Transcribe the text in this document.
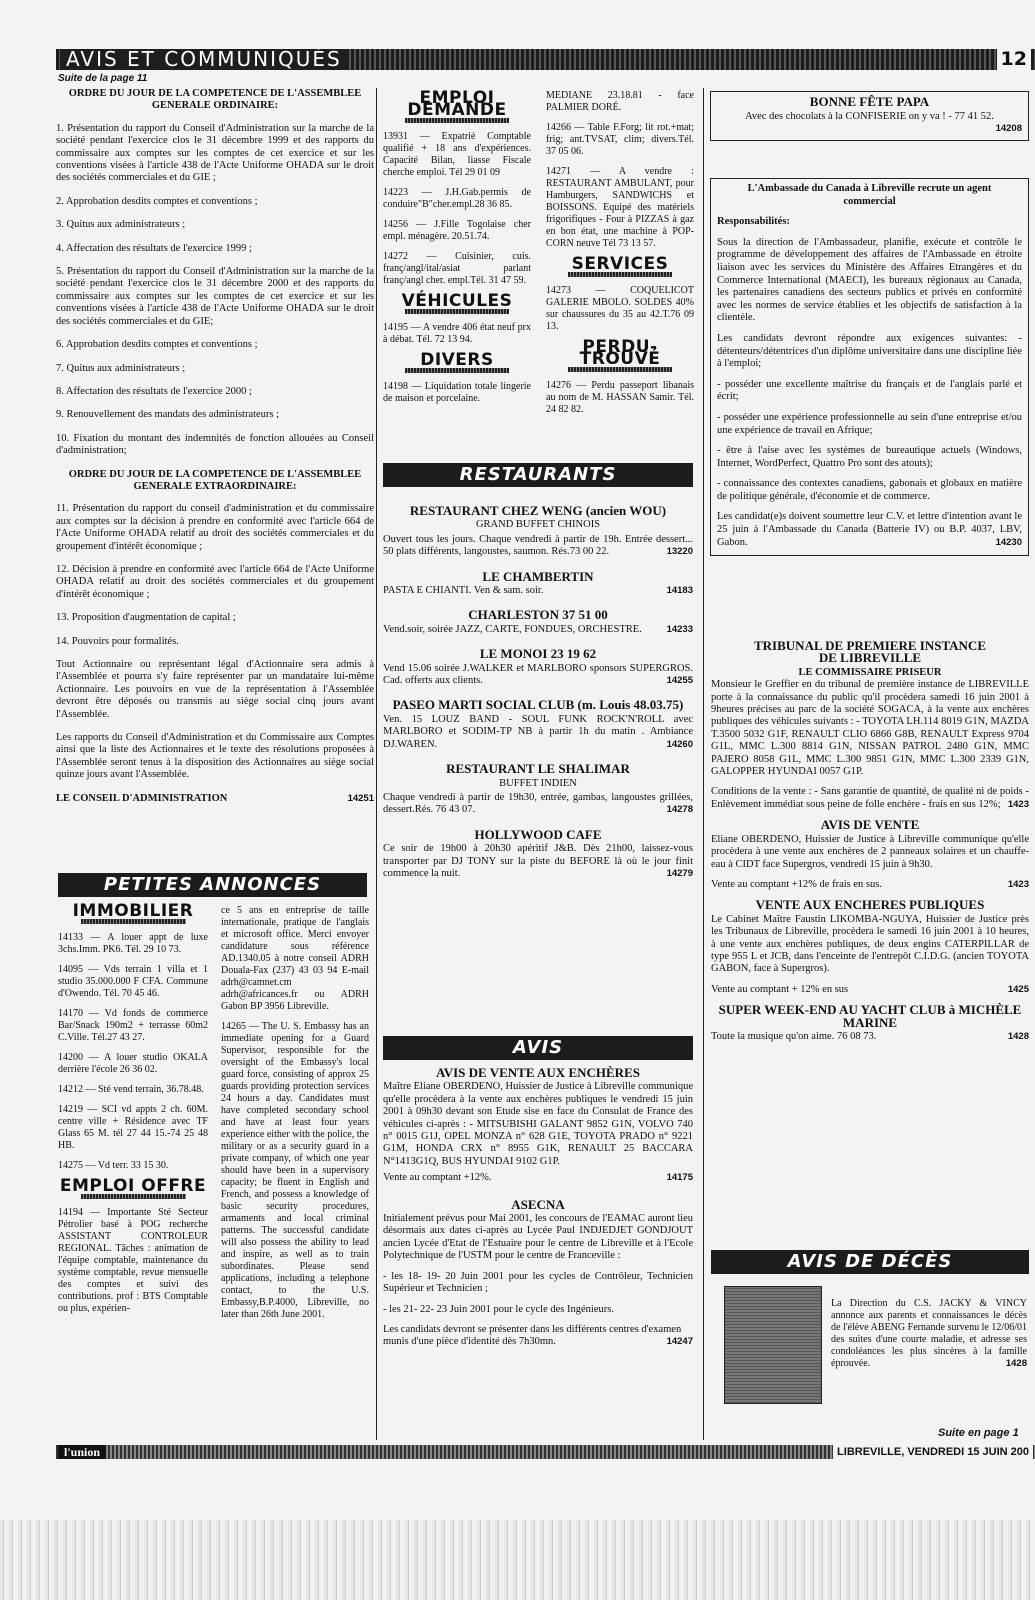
AVIS ET COMMUNIQUÉS	12
Suite de la page 11
ORDRE DU JOUR DE LA COMPETENCE DE L'ASSEMBLEE GENERALE ORDINAIRE:

1. Présentation du rapport du Conseil d'Administration sur la marche de la société pendant l'exercice clos le 31 décembre 1999 et des rapports du commissaire aux comptes sur les comptes de cet exercice et sur les conventions visées à l'article 438 de l'Acte Uniforme OHADA sur le droit des sociétés commerciales et du GIE ;

2. Approbation desdits comptes et conventions ;

3. Quitus aux administrateurs ;

4. Affectation des résultats de l'exercice 1999 ;

5. Présentation du rapport du Conseil d'Administration sur la marche de la société pendant l'exercice clos le 31 décembre 2000 et des rapports du commissaire aux comptes sur les comptes de cet exercice et sur les conventions visées à l'article 438 de l'Acte Uniforme OHADA sur le droit des sociétés commerciales et du GIE;

6. Approbation desdits comptes et conventions ;

7. Quitus aux administrateurs ;

8. Affectation des résultats de l'exercice 2000 ;

9. Renouvellement des mandats des administrateurs ;

10. Fixation du montant des indemnités de fonction allouées au Conseil d'administration;

ORDRE DU JOUR DE LA COMPETENCE DE L'ASSEMBLEE GENERALE EXTRAORDINAIRE:

11. Présentation du rapport du conseil d'administration et du commissaire aux comptes sur la décision à prendre en conformité avec l'article 664 de l'Acte Uniforme OHADA relatif au droit des sociétés commerciales et du groupement d'intérêt économique ;

12. Décision à prendre en conformité avec l'article 664 de l'Acte Uniforme OHADA relatif au droit des sociétés commerciales et du groupement d'intérêt économique ;

13. Proposition d'augmentation de capital ;

14. Pouvoirs pour formalités.

Tout Actionnaire ou représentant légal d'Actionnaire sera admis à l'Assemblée et pourra s'y faire représenter par un mandataire lui-même Actionnaire. Les pouvoirs en vue de la représentation à l'Assemblée devront être déposés ou transmis au siège social cinq jours avant l'Assemblée.

Les rapports du Conseil d'Administration et du Commissaire aux Comptes ainsi que la liste des Actionnaires et le texte des résolutions proposées à l'Assemblée seront tenus à la disposition des Actionnaires au siège social quinze jours avant l'Assemblée.

LE CONSEIL D'ADMINISTRATION	14251
PETITES ANNONCES
IMMOBILIER

14133 — A louer appt de luxe 3chs.Imm. PK6. Tél. 29 10 73.

14095 — Vds terrain 1 villa et 1 studio 35.000.000 F CFA. Commune d'Owendo. Tél. 70 45 46.

14170 — Vd fonds de commerce Bar/Snack 190m2 + terrasse 60m2 C.Ville. Tél.27 43 27.

14200 — A louer studio OKALA derrière l'école 26 36 02.

14212 — Sté vend terrain, 36.78.48.

14219 — SCI vd appts 2 ch. 60M. centre ville + Résidence avec TF Glass 65 M. tél 27 44 15.-74 25 48 HB.

14275 — Vd terr. 33 15 30.

EMPLOI OFFRE

14194 — Importante Sté Secteur Pétrolier basé à POG recherche ASSISTANT CONTROLEUR REGIONAL. Tâches : animation de l'équipe comptable, maintenance du système comptable, revue mensuelle des comptes et suivi des contributions. prof : BTS Comptable ou plus, expérien-

ce 5 ans en entreprise de taille internationale, pratique de l'anglais et microsoft office. Merci envoyer candidature sous référence AD.1340.05 à notre conseil ADRH Douala-Fax (237) 43 03 94 E-mail adrh@camnet.cm adrh@africances.fr ou ADRH Gabon BP 3956 Libreville.

14265 — The U. S. Embassy has an immediate opening for a Guard Supervisor, responsible for the oversight of the Embassy's local guard force, consisting of approx 25 guards providing protection services 24 hours a day. Candidates must have completed secondary school and have at least four years experience either with the police, the military or as a security guard in a private company, of which one year should have been in a supervisory capacity; be fluent in English and French, and possess a knowledge of basic security procedures, armaments and local criminal patterns. The successful candidate will also possess the ability to lead and inspire, as well as to train subordinates. Please send applications, including a telephone contact, to the U.S. Embassy,B.P.4000, Libreville, no later than 26th June 2001.

EMPLOI DEMANDE

13931 — Expatrié Comptable qualifié + 18 ans d'expériences. Capacité Bilan, liasse Fiscale cherche emploi. Tél 29 01 09

14223 — J.H.Gab.permis de conduire"B"cher.empl.28 36 85.

14256 — J.Fille Togolaise cher empl. ménagère. 20.51.74.

14272 — Cuisinier, cuis. franç/angl/ital/asiat parlant franç/angl cher. empl.Tél. 31 47 59.

VÉHICULES

14195 — A vendre 406 état neuf prx à débat. Tél. 72 13 94.

DIVERS

14198 — Liquidation totale lingerie de maison et porcelaine.

MEDIANE 23.18.81 - face PALMIER DORÉ.

14266 — Table F.Forg; lit rot.+mat; frig; ant.TVSAT, clim; divers.Tél. 37 05 06.

14271 — A vendre : RESTAURANT AMBULANT, pour Hamburgers, SANDWICHS et BOISSONS. Equipé des matériels frigorifiques - Four à PIZZAS à gaz en bon état, une machine à POP-CORN neuve Tél 73 13 57.

SERVICES

14273 — COQUELICOT GALERIE MBOLO. SOLDES 40% sur chaussures du 35 au 42.T.76 09 13.

PERDU-TROUVÉ

14276 — Perdu passeport libanais au nom de M. HASSAN Samir. Tél. 24 82 82.

RESTAURANTS
RESTAURANT CHEZ WENG (ancien WOU)
GRAND BUFFET CHINOIS
Ouvert tous les jours. Chaque vendredi à partir de 19h. Entrée dessert... 50 plats différents, langoustes, saumon. Rés.73 00 22.	13220
LE CHAMBERTIN
PASTA E CHIANTI. Ven & sam. soir.	14183
CHARLESTON 37 51 00
Vend.soir, soirée JAZZ, CARTE, FONDUES, ORCHESTRE.	14233
LE MONOI 23 19 62
Vend 15.06 soirée J.WALKER et MARLBORO sponsors SUPERGROS. Cad. offerts aux clients.	14255
PASEO MARTI SOCIAL CLUB (m. Louis 48.03.75)
Ven. 15 LOUZ BAND - SOUL FUNK ROCK'N'ROLL avec MARLBORO et SODIM-TP NB à partir 1h du matin . Ambiance DJ.WAREN.	14260
RESTAURANT LE SHALIMAR
BUFFET INDIEN
Chaque vendredi à partir de 19h30, entrée, gambas, langoustes grillées, dessert.Rés. 76 43 07.	14278
HOLLYWOOD CAFE
Ce soir de 19h00 à 20h30 apéritif J&B. Dès 21h00, laissez-vous transporter par DJ TONY sur la piste du BEFORE là où le jour finit commence la nuit.	14279
AVIS
AVIS DE VENTE AUX ENCHÈRES

Maître Eliane OBERDENO, Huissier de Justice à Libreville communique qu'elle procèdera à la vente aux enchères publiques le vendredi 15 juin 2001 à 09h30 devant son Etude sise en face du Consulat de France des véhicules ci-après : - MITSUBISHI GALANT 9852 G1N, VOLVO 740 n° 0015 G1J, OPEL MONZA n° 628 G1E, TOYOTA PRADO n° 9221 G1M, HONDA CRX n° 8955 G1K, RENAULT 25 BACCARA N°1413G1Q, BUS HYUNDAI 9102 G1P.

Vente au comptant +12%.	14175
ASECNA

Initialement prévus pour Mai 2001, les concours de l'EAMAC auront lieu désormais aux dates ci-après au Lycée Paul INDJEDJET GONDJOUT ancien Lycée d'Etat de l'Estuaire pour le centre de Libreville et à l'Ecole Polytechnique de l'USTM pour le centre de Franceville :

- les 18- 19- 20 Juin 2001 pour les cycles de Contrôleur, Technicien Supérieur et Technicien ;

- les 21- 22- 23 Juin 2001 pour le cycle des Ingénieurs.

Les candidats devront se présenter dans les différents centres d'examen munis d'une pièce d'identité dès 7h30mn.	14247
BONNE FÊTE PAPA
Avec des chocolats à la CONFISERIE on y va ! - 77 41 52.
14208
L'Ambassade du Canada à Libreville recrute un agent commercial

Responsabilités:

Sous la direction de l'Ambassadeur, planifie, exécute et contrôle le programme de développement des affaires de l'Ambassade en étroite liaison avec les services du Ministère des Affaires Etrangères et du Commerce International (MAECI), les bureaux régionaux au Canada, les partenaires canadiens des secteurs publics et privés en conformité avec les normes de service établies et les objectifs de satisfaction à la clientèle.

Les candidats devront répondre aux exigences suivantes: - détenteurs/détentrices d'un diplôme universitaire dans une discipline liée à l'emploi;

- posséder une excellente maîtrise du français et de l'anglais parlé et écrit;

- posséder une expérience professionnelle au sein d'une entreprise et/ou une expérience de travail en Afrique;

- être à l'aise avec les systèmes de bureautique actuels (Windows, Internet, WordPerfect, Quattro Pro sont des atouts);

- connaissance des contextes canadiens, gabonais et globaux en matière de politique générale, d'économie et de commerce.

Les candidat(e)s doivent soumettre leur C.V. et lettre d'intention avant le 25 juin à l'Ambassade du Canada (Batterie IV) ou B.P. 4037, LBV, Gabon.	14230

TRIBUNAL DE PREMIERE INSTANCE DE LIBREVILLE
LE COMMISSAIRE PRISEUR

Monsieur le Greffier en du tribunal de première instance de LIBREVILLE porte à la connaissance du public qu'il procèdera samedi 16 juin 2001 à 9heures précises au parc de la société SOGACA, à la vente aux enchères publiques des véhicules suivants : - TOYOTA LH.114 8019 G1N, MAZDA T.3500 5032 G1F, RENAULT CLIO 6866 G8B, RENAULT Express 9704 G1L, MMC L.300 8814 G1N, NISSAN PATROL 2480 G1N, MMC PAJERO 8058 G1L, MMC L.300 9851 G1N, MMC L.300 2339 G1N, GALOPPER HYUNDAI 0057 G1P.

Conditions de la vente : - Sans garantie de quantité, de qualité ni de poids - Enlèvement immédiat sous peine de folle enchère - frais en sus 12%; 1423

AVIS DE VENTE

Eliane OBERDENO, Huissier de Justice à Libreville communique qu'elle procèdera à une vente aux enchères de 2 panneaux solaires et un chauffe-eau à CIDT face Supergros, vendredi 15 juin à 9h30.

Vente au comptant +12% de frais en sus.	1423

VENTE AUX ENCHERES PUBLIQUES

Le Cabinet Maître Faustin LIKOMBA-NGUYA, Huissier de Justice près les Tribunaux de Libreville, procèdera le samedi 16 juin 2001 à 10 heures, à une vente aux enchères publiques, de deux engins CATERPILLAR de type 955 L et JCB, dans l'enceinte de l'entrepôt C.I.D.G. (ancien TOYOTA GABON, face à Supergros).

Vente au comptant + 12% en sus	1425

SUPER WEEK-END AU YACHT CLUB à MICHÈLE MARINE

Toute la musique qu'on aime. 76 08 73.	1428

AVIS DE DÉCÈS

La Direction du C.S. JACKY & VINCY annonce aux parents et connaissances le décès de l'élève ABENG Fernande survenu le 12/06/01 des suites d'une courte maladie, et adresse ses condoléances les plus sincères à la famille éprouvée.	1428

Suite en page 1
l'union	LIBREVILLE, VENDREDI 15 JUIN 200
